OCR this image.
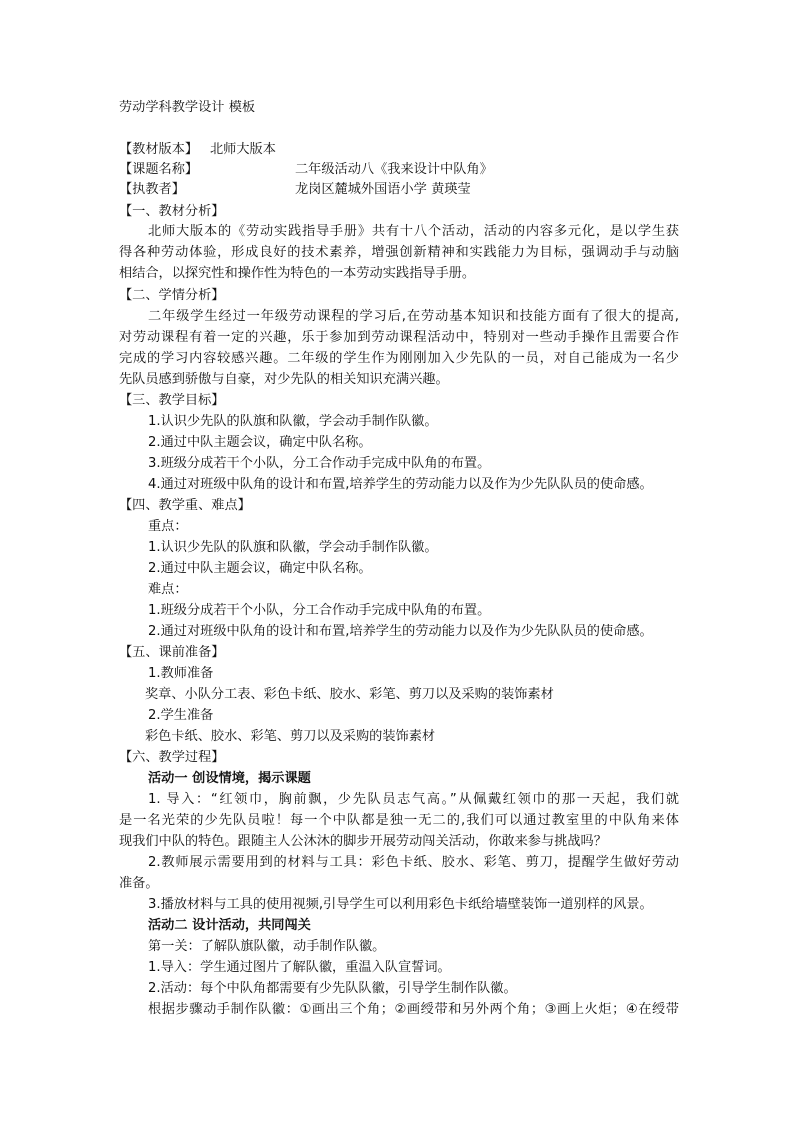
劳动学科教学设计 模板
【教材版本】 北师大版本
【课题名称】	二年级活动八《我来设计中队角》
【执教者】	龙岗区麓城外国语小学 黄瑛莹
【一、教材分析】
北师大版本的《劳动实践指导手册》共有十八个活动，活动的内容多元化，是以学生获
得各种劳动体验，形成良好的技术素养，增强创新精神和实践能力为目标，强调动手与动脑
相结合，以探究性和操作性为特色的一本劳动实践指导手册。
【二、学情分析】
二年级学生经过一年级劳动课程的学习后,在劳动基本知识和技能方面有了很大的提高,
对劳动课程有着一定的兴趣，乐于参加到劳动课程活动中，特别对一些动手操作且需要合作
完成的学习内容较感兴趣。二年级的学生作为刚刚加入少先队的一员，对自己能成为一名少
先队员感到骄傲与自豪，对少先队的相关知识充满兴趣。
【三、教学目标】
1.认识少先队的队旗和队徽，学会动手制作队徽。
2.通过中队主题会议，确定中队名称。
3.班级分成若干个小队，分工合作动手完成中队角的布置。
4.通过对班级中队角的设计和布置,培养学生的劳动能力以及作为少先队队员的使命感。
【四、教学重、难点】
重点：
1.认识少先队的队旗和队徽，学会动手制作队徽。
2.通过中队主题会议，确定中队名称。
难点：
1.班级分成若干个小队，分工合作动手完成中队角的布置。
2.通过对班级中队角的设计和布置,培养学生的劳动能力以及作为少先队队员的使命感。
【五、课前准备】
1.教师准备
奖章、小队分工表、彩色卡纸、胶水、彩笔、剪刀以及采购的装饰素材
2.学生准备
彩色卡纸、胶水、彩笔、剪刀以及采购的装饰素材
【六、教学过程】
活动一 创设情境，揭示课题
1. 导入：“红领巾，胸前飘，少先队员志气高。”从佩戴红领巾的那一天起，我们就
是一名光荣的少先队员啦！每一个中队都是独一无二的,我们可以通过教室里的中队角来体
现我们中队的特色。跟随主人公沐沐的脚步开展劳动闯关活动，你敢来参与挑战吗？
2.教师展示需要用到的材料与工具：彩色卡纸、胶水、彩笔、剪刀，提醒学生做好劳动
准备。
3.播放材料与工具的使用视频,引导学生可以利用彩色卡纸给墙壁装饰一道别样的风景。
活动二 设计活动，共同闯关
第一关：了解队旗队徽，动手制作队徽。
1.导入：学生通过图片了解队徽，重温入队宣誓词。
2.活动：每个中队角都需要有少先队队徽，引导学生制作队徽。
根据步骤动手制作队徽：①画出三个角；②画绶带和另外两个角；③画上火炬；④在绶带
